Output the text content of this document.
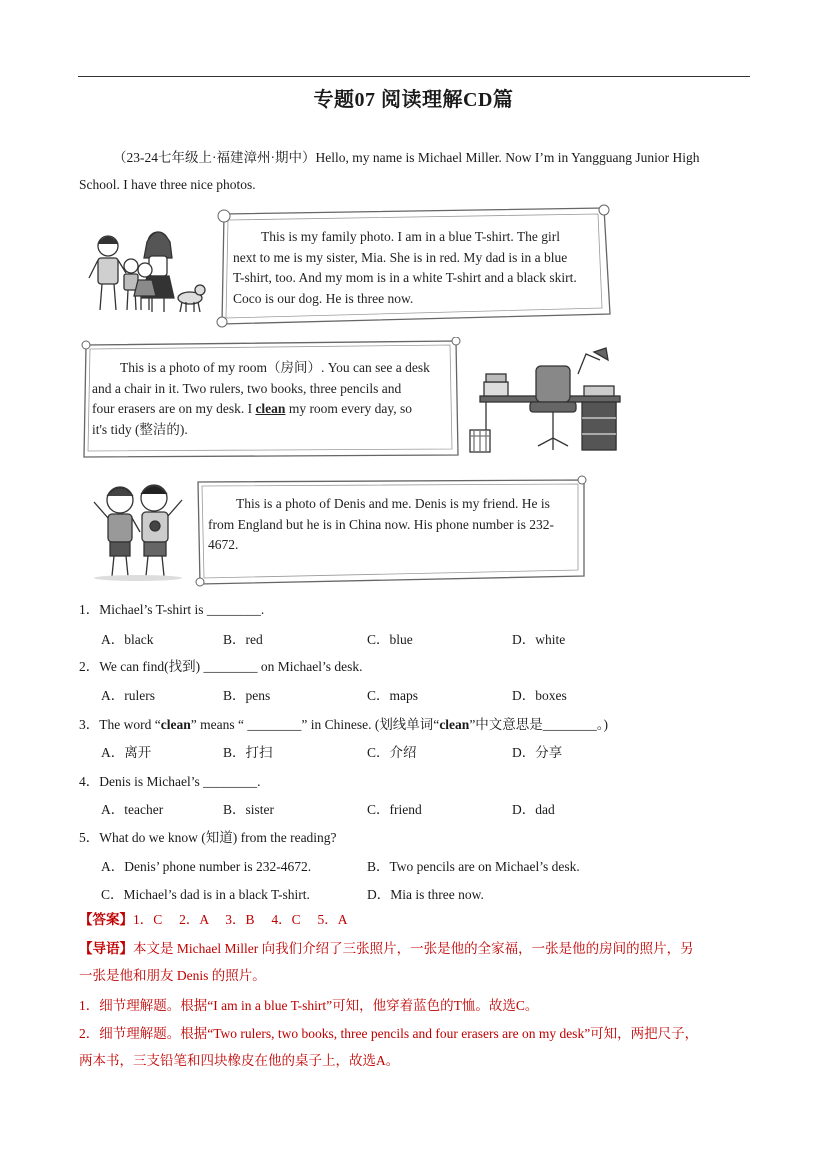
专题07 阅读理解CD篇
（23-24七年级上·福建漳州·期中）Hello, my name is Michael Miller. Now I’m in Yangguang Junior High
School. I have three nice photos.
This is my family photo. I am in a blue T-shirt. The girl
next to me is my sister, Mia. She is in red. My dad is in a blue
T-shirt, too. And my mom is in a white T-shirt and a black skirt.
Coco is our dog. He is three now.
This is a photo of my room（房间）. You can see a desk
and a chair in it. Two rulers, two books, three pencils and
four erasers are on my desk. I clean my room every day, so
it's tidy (整洁的).
This is a photo of Denis and me. Denis is my friend. He is
from England but he is in China now. His phone number is 232-
4672.
1．Michael’s T-shirt is ________.
A．black	B．red	C．blue	D．white
2．We can find(找到) ________ on Michael’s desk.
A．rulers	B．pens	C．maps	D．boxes
3．The word “clean” means “ ________” in Chinese. (划线单词“clean”中文意思是________。)
A．离开	B．打扫	C．介绍	D．分享
4．Denis is Michael’s ________.
A．teacher	B．sister	C．friend	D．dad
5．What do we know (知道) from the reading?
A．Denis’ phone number is 232-4672.	B．Two pencils are on Michael’s desk.
C．Michael’s dad is in a black T-shirt.	D．Mia is three now.
【答案】1．C     2．A     3．B     4．C     5．A
【导语】本文是 Michael Miller 向我们介绍了三张照片，一张是他的全家福，一张是他的房间的照片，另
一张是他和朋友 Denis 的照片。
1．细节理解题。根据“I am in a blue T-shirt”可知，他穿着蓝色的T恤。故选C。
2．细节理解题。根据“Two rulers, two books, three pencils and four erasers are on my desk”可知，两把尺子，
两本书，三支铅笔和四块橡皮在他的桌子上，故选A。
